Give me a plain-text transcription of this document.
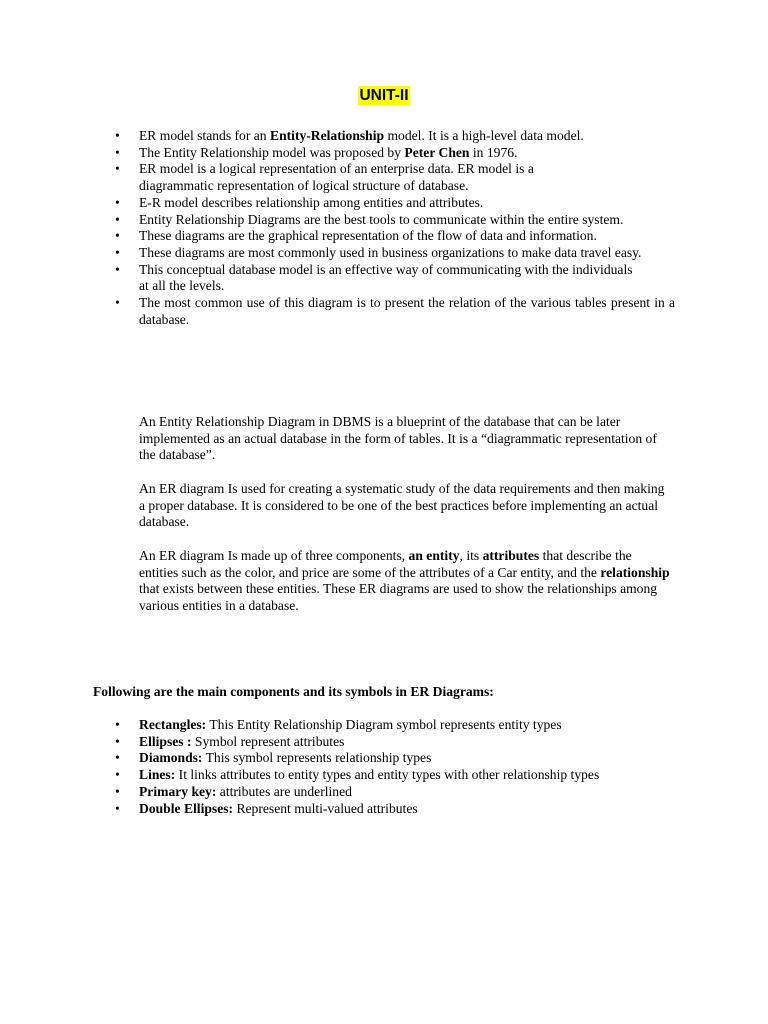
UNIT-II
• ER model stands for an Entity-Relationship model. It is a high-level data model.
• The Entity Relationship model was proposed by Peter Chen in 1976.
• ER model is a logical representation of an enterprise data. ER model is a diagrammatic representation of logical structure of database.
• E-R model describes relationship among entities and attributes.
• Entity Relationship Diagrams are the best tools to communicate within the entire system.
• These diagrams are the graphical representation of the flow of data and information.
• These diagrams are most commonly used in business organizations to make data travel easy.
• This conceptual database model is an effective way of communicating with the individuals at all the levels.
• The most common use of this diagram is to present the relation of the various tables present in a database.

An Entity Relationship Diagram in DBMS is a blueprint of the database that can be later implemented as an actual database in the form of tables. It is a “diagrammatic representation of the database”.

An ER diagram Is used for creating a systematic study of the data requirements and then making a proper database. It is considered to be one of the best practices before implementing an actual database.

An ER diagram Is made up of three components, an entity, its attributes that describe the entities such as the color, and price are some of the attributes of a Car entity, and the relationship that exists between these entities. These ER diagrams are used to show the relationships among various entities in a database.

Following are the main components and its symbols in ER Diagrams:

• Rectangles: This Entity Relationship Diagram symbol represents entity types
• Ellipses : Symbol represent attributes
• Diamonds: This symbol represents relationship types
• Lines: It links attributes to entity types and entity types with other relationship types
• Primary key: attributes are underlined
• Double Ellipses: Represent multi-valued attributes
